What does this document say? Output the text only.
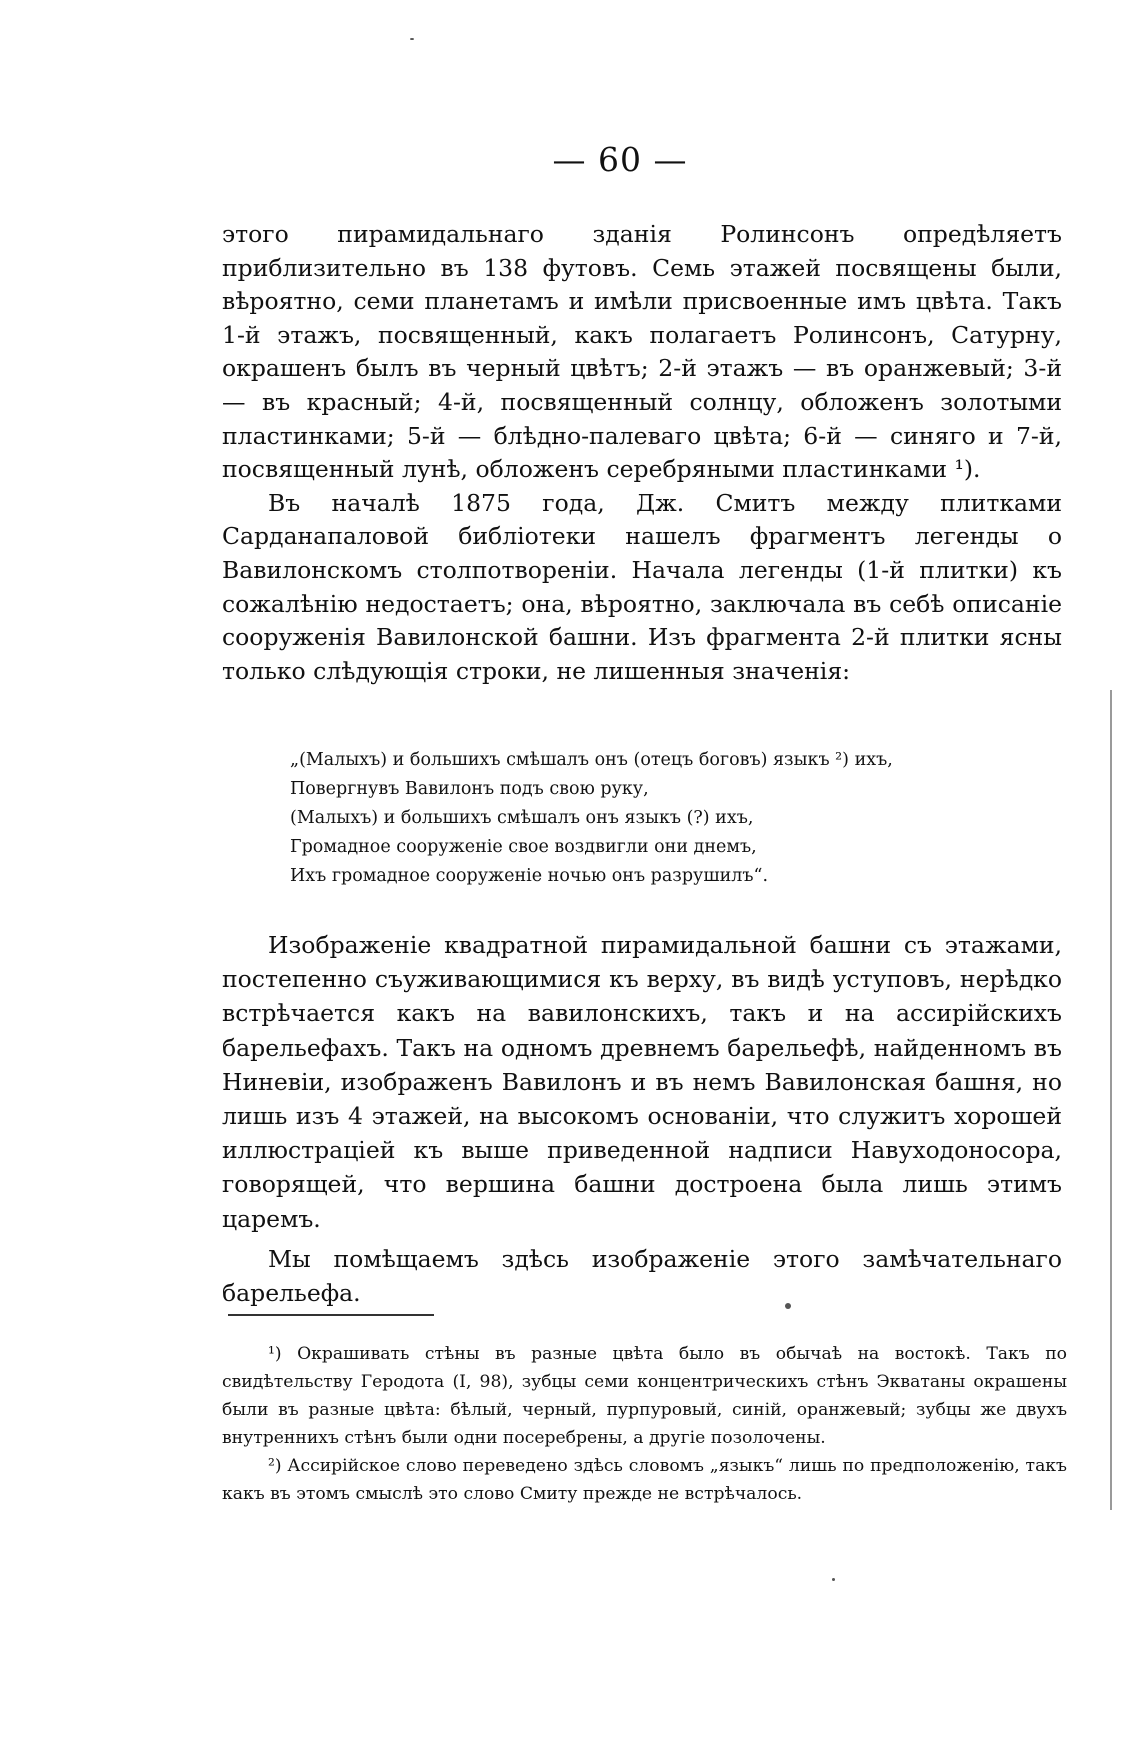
— 60 —

этого пирамидальнаго зданія Ролинсонъ опредѣляетъ приблизительно въ 138 футовъ. Семь этажей посвящены были, вѣроятно, семи планетамъ и имѣли присвоенные имъ цвѣта. Такъ 1-й этажъ, посвященный, какъ полагаетъ Ролинсонъ, Сатурну, окрашенъ былъ въ черный цвѣтъ; 2-й этажъ — въ оранжевый; 3-й — въ красный; 4-й, посвященный солнцу, обложенъ золотыми пластинками; 5-й — блѣдно-палеваго цвѣта; 6-й — синяго и 7-й, посвященный лунѣ, обложенъ серебряными пластинками ¹).

Въ началѣ 1875 года, Дж. Смитъ между плитками Сарданапаловой библіотеки нашелъ фрагментъ легенды о Вавилонскомъ столпотвореніи. Начала легенды (1-й плитки) къ сожалѣнію недостаетъ; она, вѣроятно, заключала въ себѣ описаніе сооруженія Вавилонской башни. Изъ фрагмента 2-й плитки ясны только слѣдующія строки, не лишенныя значенія:

„(Малыхъ) и большихъ смѣшалъ онъ (отецъ боговъ) языкъ ²) ихъ,
Повергнувъ Вавилонъ подъ свою руку,
(Малыхъ) и большихъ смѣшалъ онъ языкъ (?) ихъ,
Громадное сооруженіе свое воздвигли они днемъ,
Ихъ громадное сооруженіе ночью онъ разрушилъ“.

Изображеніе квадратной пирамидальной башни съ этажами, постепенно съуживающимися къ верху, въ видѣ уступовъ, нерѣдко встрѣчается какъ на вавилонскихъ, такъ и на ассирійскихъ барельефахъ. Такъ на одномъ древнемъ барельефѣ, найденномъ въ Ниневіи, изображенъ Вавилонъ и въ немъ Вавилонская башня, но лишь изъ 4 этажей, на высокомъ основаніи, что служитъ хорошей иллюстраціей къ выше приведенной надписи Навуходоносора, говорящей, что вершина башни достроена была лишь этимъ царемъ.

Мы помѣщаемъ здѣсь изображеніе этого замѣчательнаго барельефа.

¹) Окрашивать стѣны въ разные цвѣта было въ обычаѣ на востокѣ. Такъ по свидѣтельству Геродота (I, 98), зубцы семи концентрическихъ стѣнъ Экватаны окрашены были въ разные цвѣта: бѣлый, черный, пурпуровый, синій, оранжевый; зубцы же двухъ внутреннихъ стѣнъ были одни посеребрены, а другіе позолочены.

²) Ассирійское слово переведено здѣсь словомъ „языкъ“ лишь по предположенію, такъ какъ въ этомъ смыслѣ это слово Смиту прежде не встрѣчалось.
